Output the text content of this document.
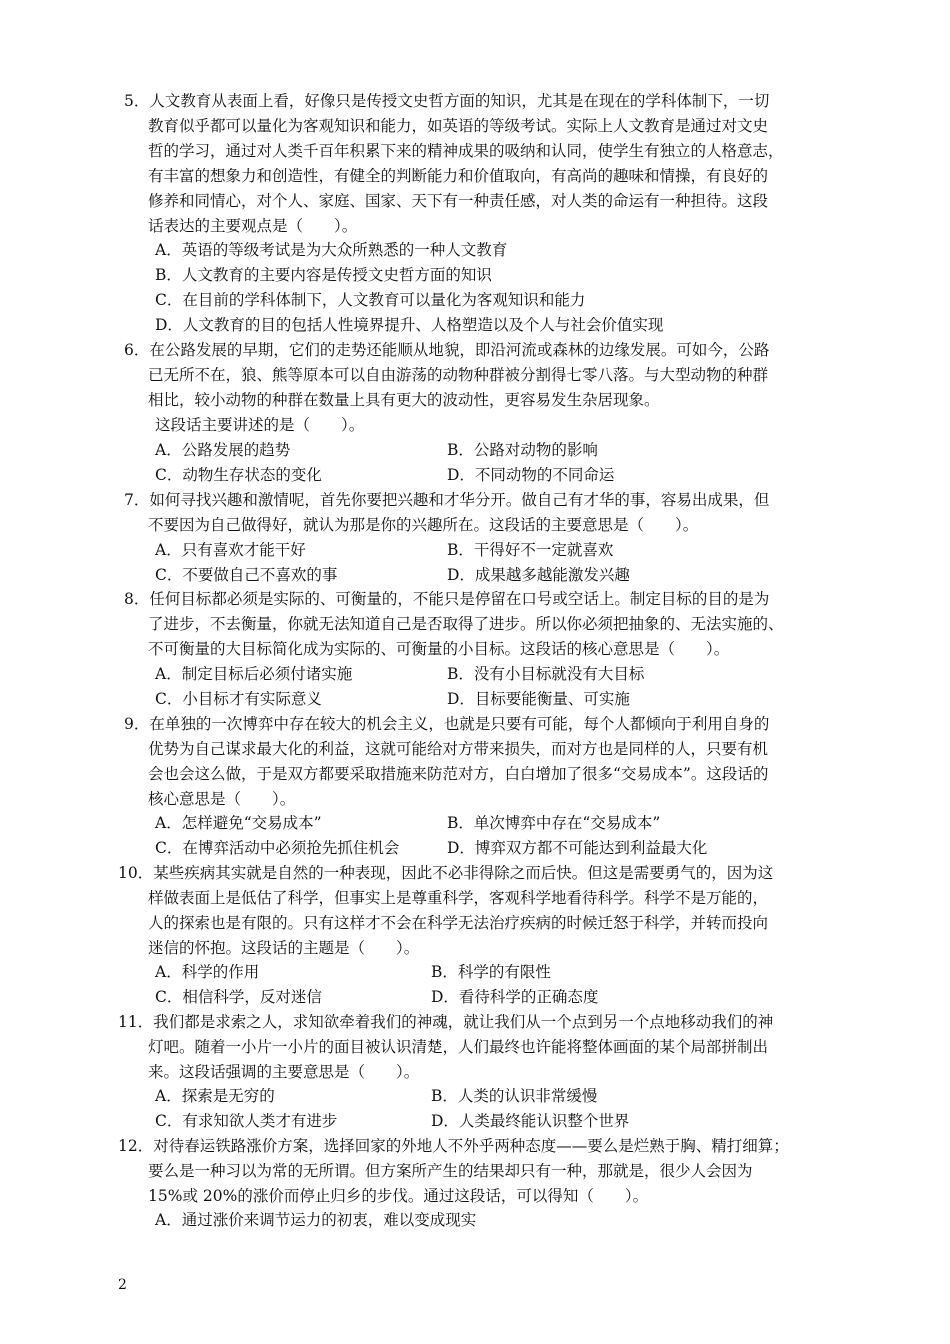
5．人文教育从表面上看，好像只是传授文史哲方面的知识，尤其是在现在的学科体制下，一切
教育似乎都可以量化为客观知识和能力，如英语的等级考试。实际上人文教育是通过对文史
哲的学习，通过对人类千百年积累下来的精神成果的吸纳和认同，使学生有独立的人格意志，
有丰富的想象力和创造性，有健全的判断能力和价值取向，有高尚的趣味和情操，有良好的
修养和同情心，对个人、家庭、国家、天下有一种责任感，对人类的命运有一种担待。这段
话表达的主要观点是（　　）。
A．英语的等级考试是为大众所熟悉的一种人文教育
B．人文教育的主要内容是传授文史哲方面的知识
C．在目前的学科体制下，人文教育可以量化为客观知识和能力
D．人文教育的目的包括人性境界提升、人格塑造以及个人与社会价值实现
6．在公路发展的早期，它们的走势还能顺从地貌，即沿河流或森林的边缘发展。可如今，公路
已无所不在，狼、熊等原本可以自由游荡的动物种群被分割得七零八落。与大型动物的种群
相比，较小动物的种群在数量上具有更大的波动性，更容易发生杂居现象。
这段话主要讲述的是（　　）。
A．公路发展的趋势	B．公路对动物的影响
C．动物生存状态的变化	D．不同动物的不同命运
7．如何寻找兴趣和激情呢，首先你要把兴趣和才华分开。做自己有才华的事，容易出成果，但
不要因为自己做得好，就认为那是你的兴趣所在。这段话的主要意思是（　　）。
A．只有喜欢才能干好	B．干得好不一定就喜欢
C．不要做自己不喜欢的事	D．成果越多越能激发兴趣
8．任何目标都必须是实际的、可衡量的，不能只是停留在口号或空话上。制定目标的目的是为
了进步，不去衡量，你就无法知道自己是否取得了进步。所以你必须把抽象的、无法实施的、
不可衡量的大目标简化成为实际的、可衡量的小目标。这段话的核心意思是（　　）。
A．制定目标后必须付诸实施	B．没有小目标就没有大目标
C．小目标才有实际意义	D．目标要能衡量、可实施
9．在单独的一次博弈中存在较大的机会主义，也就是只要有可能，每个人都倾向于利用自身的
优势为自己谋求最大化的利益，这就可能给对方带来损失，而对方也是同样的人，只要有机
会也会这么做，于是双方都要采取措施来防范对方，白白增加了很多“交易成本”。这段话的
核心意思是（　　）。
A．怎样避免“交易成本”	B．单次博弈中存在“交易成本”
C．在博弈活动中必须抢先抓住机会	D．博弈双方都不可能达到利益最大化
10．某些疾病其实就是自然的一种表现，因此不必非得除之而后快。但这是需要勇气的，因为这
样做表面上是低估了科学，但事实上是尊重科学，客观科学地看待科学。科学不是万能的，
人的探索也是有限的。只有这样才不会在科学无法治疗疾病的时候迁怒于科学，并转而投向
迷信的怀抱。这段话的主题是（　　）。
A．科学的作用	B．科学的有限性
C．相信科学，反对迷信	D．看待科学的正确态度
11．我们都是求索之人，求知欲牵着我们的神魂，就让我们从一个点到另一个点地移动我们的神
灯吧。随着一小片一小片的面目被认识清楚，人们最终也许能将整体画面的某个局部拼制出
来。这段话强调的主要意思是（　　）。
A．探索是无穷的	B．人类的认识非常缓慢
C．有求知欲人类才有进步	D．人类最终能认识整个世界
12．对待春运铁路涨价方案，选择回家的外地人不外乎两种态度——要么是烂熟于胸、精打细算；
要么是一种习以为常的无所谓。但方案所产生的结果却只有一种，那就是，很少人会因为
15%或 20%的涨价而停止归乡的步伐。通过这段话，可以得知（　　）。
A．通过涨价来调节运力的初衷，难以变成现实
2
